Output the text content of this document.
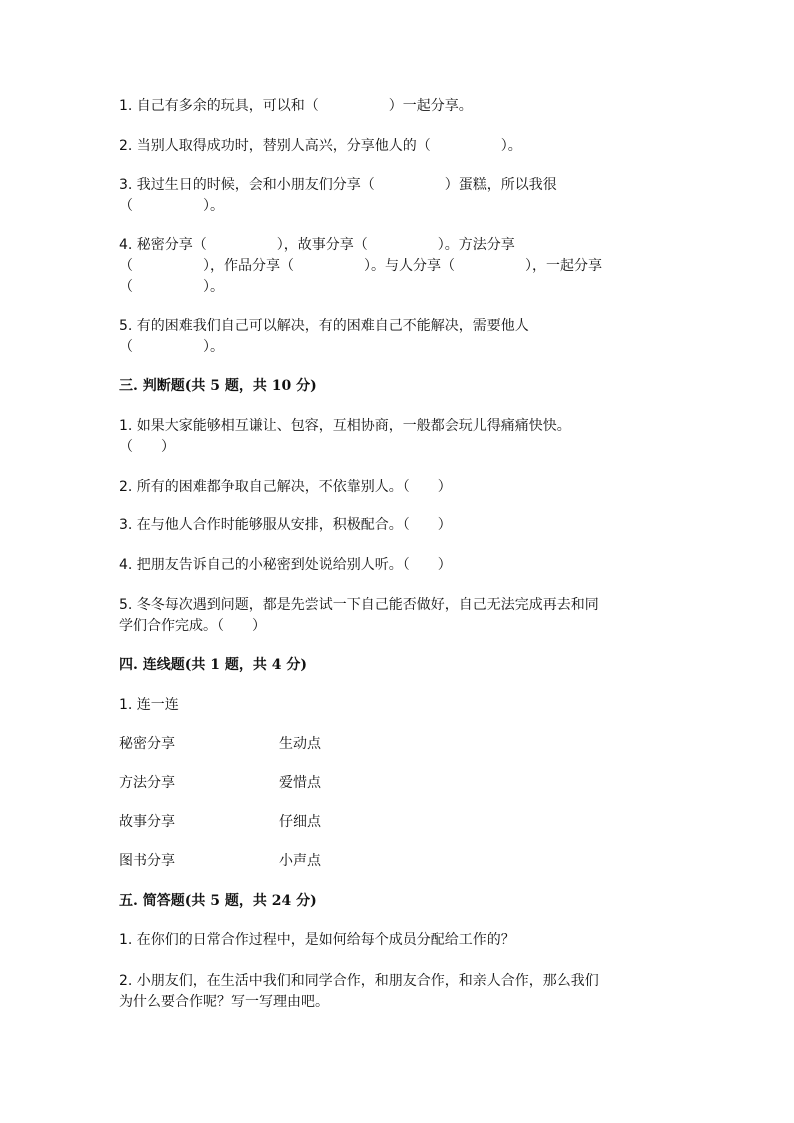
1. 自己有多余的玩具，可以和（　　　　　）一起分享。
2. 当别人取得成功时，替别人高兴，分享他人的（　　　　　）。
3. 我过生日的时候，会和小朋友们分享（　　　　　）蛋糕，所以我很
（　　　　　）。
4. 秘密分享（　　　　　），故事分享（　　　　　）。方法分享
（　　　　　），作品分享（　　　　　）。与人分享（　　　　　），一起分享
（　　　　　）。
5. 有的困难我们自己可以解决，有的困难自己不能解决，需要他人
（　　　　　）。
三. 判断题(共 5 题，共 10 分)
1. 如果大家能够相互谦让、包容，互相协商，一般都会玩儿得痛痛快快。
（　　）
2. 所有的困难都争取自己解决，不依靠别人。（　　）
3. 在与他人合作时能够服从安排，积极配合。（　　）
4. 把朋友告诉自己的小秘密到处说给别人听。（　　）
5. 冬冬每次遇到问题，都是先尝试一下自己能否做好，自己无法完成再去和同
学们合作完成。（　　）
四. 连线题(共 1 题，共 4 分)
1. 连一连
秘密分享	生动点
方法分享	爱惜点
故事分享	仔细点
图书分享	小声点
五. 简答题(共 5 题，共 24 分)
1. 在你们的日常合作过程中，是如何给每个成员分配给工作的？
2. 小朋友们，在生活中我们和同学合作，和朋友合作，和亲人合作，那么我们
为什么要合作呢？写一写理由吧。
